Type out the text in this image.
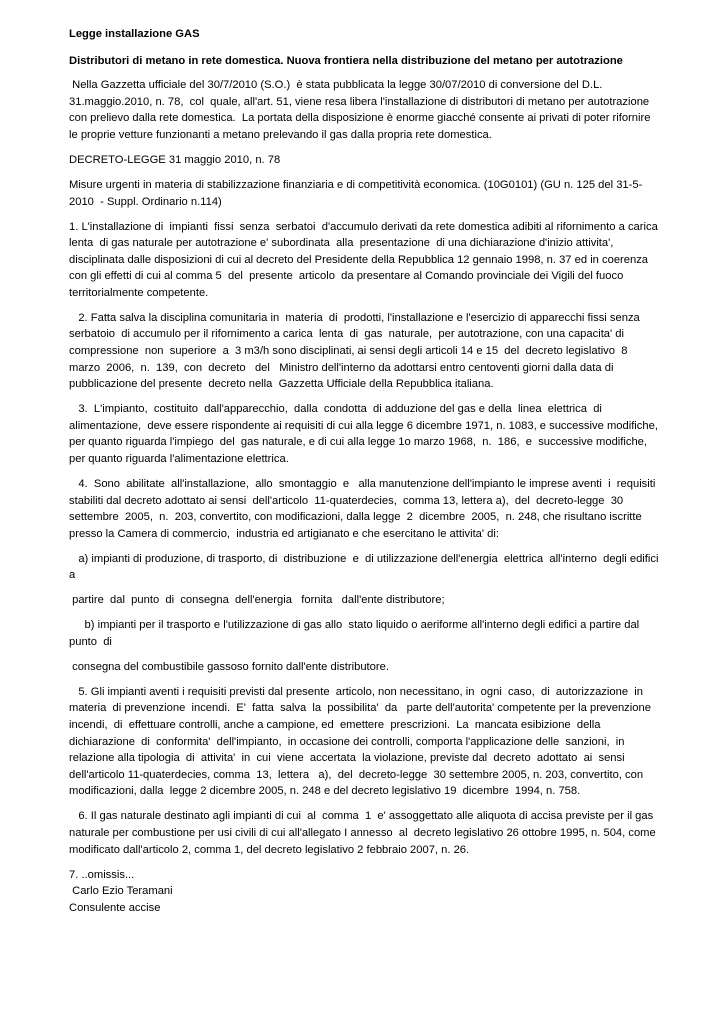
Legge installazione GAS

Distributori di metano in rete domestica. Nuova frontiera nella distribuzione del metano per autotrazione

Nella Gazzetta ufficiale del 30/7/2010 (S.O.)  è stata pubblicata la legge 30/07/2010 di conversione del D.L. 31.maggio.2010, n. 78,  col  quale, all'art. 51, viene resa libera l'installazione di distributori di metano per autotrazione con prelievo dalla rete domestica.  La portata della disposizione è enorme giacché consente ai privati di poter rifornire le proprie vetture funzionanti a metano prelevando il gas dalla propria rete domestica.

DECRETO-LEGGE 31 maggio 2010, n. 78

Misure urgenti in materia di stabilizzazione finanziaria e di competitività economica. (10G0101) (GU n. 125 del 31-5-2010  - Suppl. Ordinario n.114)

1. L'installazione di  impianti  fissi  senza  serbatoi  d'accumulo derivati da rete domestica adibiti al rifornimento a carica lenta  di gas naturale per autotrazione e' subordinata  alla  presentazione  di una dichiarazione d'inizio attivita', disciplinata dalle disposizioni di cui al decreto del Presidente della Repubblica 12 gennaio 1998, n. 37 ed in coerenza con gli effetti di cui al comma 5  del  presente  articolo  da presentare al Comando provinciale dei Vigili del fuoco territorialmente competente.

2. Fatta salva la disciplina comunitaria in  materia  di  prodotti, l'installazione e l'esercizio di apparecchi fissi senza serbatoio  di accumulo per il rifornimento a carica  lenta  di  gas  naturale,  per autotrazione, con una capacita' di compressione  non  superiore  a  3 m3/h sono disciplinati, ai sensi degli articoli 14 e 15  del  decreto legislativo  8  marzo  2006,  n.  139,  con  decreto   del   Ministro dell'interno da adottarsi entro centoventi giorni dalla data di pubblicazione del presente  decreto nella  Gazzetta Ufficiale della Repubblica italiana.

3.  L'impianto,  costituito  dall'apparecchio,  dalla  condotta  di adduzione del gas e della  linea  elettrica  di alimentazione,  deve essere rispondente ai requisiti di cui alla legge 6 dicembre 1971, n. 1083, e successive modifiche, per quanto riguarda l'impiego  del  gas naturale, e di cui alla legge 1o marzo 1968,  n.  186,  e  successive modifiche, per quanto riguarda l'alimentazione elettrica.

4.  Sono  abilitate  all'installazione,  allo  smontaggio  e   alla manutenzione dell'impianto le imprese aventi  i  requisiti stabiliti dal decreto adottato ai sensi  dell'articolo  11-quaterdecies,  comma 13, lettera a),  del  decreto-legge  30 settembre  2005,  n.  203, convertito, con modificazioni, dalla legge  2  dicembre  2005,  n. 248, che risultano iscritte presso la Camera di commercio,  industria ed artigianato e che esercitano le attivita' di:

a) impianti di produzione, di trasporto, di  distribuzione  e  di utilizzazione dell'energia  elettrica  all'interno  degli edifici  a

partire  dal  punto  di  consegna  dell'energia   fornita   dall'ente distributore;

b) impianti per il trasporto e l'utilizzazione di gas allo  stato liquido o aeriforme all'interno degli edifici a partire dal punto  di

consegna del combustibile gassoso fornito dall'ente distributore.

5. Gli impianti aventi i requisiti previsti dal presente  articolo, non necessitano, in  ogni  caso,  di  autorizzazione  in  materia  di prevenzione  incendi.  E'  fatta  salva  la  possibilita'  da   parte dell'autorita' competente per la prevenzione incendi,  di  effettuare controlli, anche a campione, ed  emettere  prescrizioni.  La  mancata esibizione  della dichiarazione  di  conformita'  dell'impianto,  in occasione dei controlli, comporta l'applicazione delle  sanzioni,  in relazione alla tipologia  di  attivita'  in  cui  viene  accertata  la violazione, previste dal  decreto  adottato  ai  sensi dell'articolo 11-quaterdecies, comma  13,  lettera   a),  del  decreto-legge  30 settembre 2005, n. 203, convertito, con modificazioni, dalla  legge 2 dicembre 2005, n. 248 e del decreto legislativo 19  dicembre  1994, n. 758.

6. Il gas naturale destinato agli impianti di cui  al  comma  1  e' assoggettato alle aliquota di accisa previste per il gas naturale per combustione per usi civili di cui all'allegato I annesso  al  decreto legislativo 26 ottobre 1995, n. 504, come modificato dall'articolo 2, comma 1, del decreto legislativo 2 febbraio 2007, n. 26.

7. ..omissis...

Carlo Ezio Teramani

Consulente accise
